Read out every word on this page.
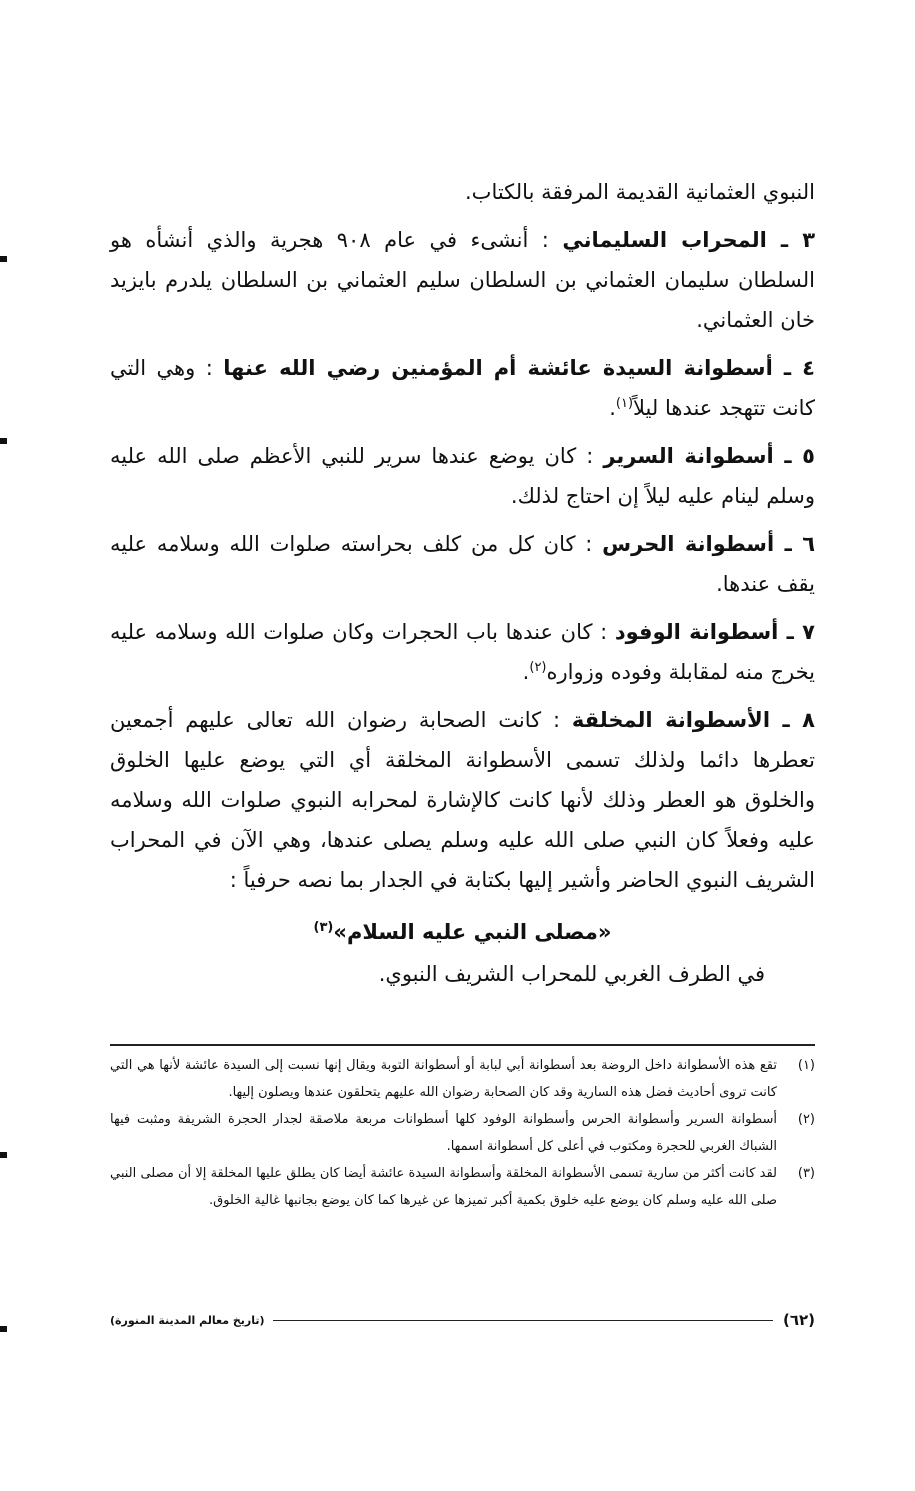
النبوي العثمانية القديمة المرفقة بالكتاب.

٣ ـ المحراب السليماني : أنشىء في عام ٩٠٨ هجرية والذي أنشأه هو السلطان سليمان العثماني بن السلطان سليم العثماني بن السلطان يلدرم بايزيد خان العثماني.

٤ ـ أسطوانة السيدة عائشة أم المؤمنين رضي الله عنها : وهي التي كانت تتهجد عندها ليلاً$^{(١)}$.

٥ ـ أسطوانة السرير : كان يوضع عندها سرير للنبي الأعظم صلى الله عليه وسلم لينام عليه ليلاً إن احتاج لذلك.

٦ ـ أسطوانة الحرس : كان كل من كلف بحراسته صلوات الله وسلامه عليه يقف عندها.

٧ ـ أسطوانة الوفود : كان عندها باب الحجرات وكان صلوات الله وسلامه عليه يخرج منه لمقابلة وفوده وزواره$^{(٢)}$.

٨ ـ الأسطوانة المخلقة : كانت الصحابة رضوان الله تعالى عليهم أجمعين تعطرها دائما ولذلك تسمى الأسطوانة المخلقة أي التي يوضع عليها الخلوق والخلوق هو العطر وذلك لأنها كانت كالإشارة لمحرابه النبوي صلوات الله وسلامه عليه وفعلاً كان النبي صلى الله عليه وسلم يصلى عندها، وهي الآن في المحراب الشريف النبوي الحاضر وأشير إليها بكتابة في الجدار بما نصه حرفياً :

«مصلى النبي عليه السلام»$^{(٣)}$
في الطرف الغربي للمحراب الشريف النبوي.
(١)
تقع هذه الأسطوانة داخل الروضة بعد أسطوانة أبي لبابة أو أسطوانة التوبة ويقال إنها نسبت إلى السيدة عائشة لأنها هي التي كانت تروى أحاديث فضل هذه السارية وقد كان الصحابة رضوان الله عليهم يتحلقون عندها ويصلون إليها.
(٢)
أسطوانة السرير وأسطوانة الحرس وأسطوانة الوفود كلها أسطوانات مربعة ملاصقة لجدار الحجرة الشريفة ومثبت فيها الشباك الغربي للحجرة ومكتوب في أعلى كل أسطوانة اسمها.
(٣)
لقد كانت أكثر من سارية تسمى الأسطوانة المخلقة وأسطوانة السيدة عائشة أيضا كان يطلق عليها المخلقة إلا أن مصلى النبي صلى الله عليه وسلم كان يوضع عليه خلوق بكمية أكبر تميزها عن غيرها كما كان يوضع بجانبها غالية الخلوق.
(٦٢)
(تاريخ معالم المدينة المنورة)
